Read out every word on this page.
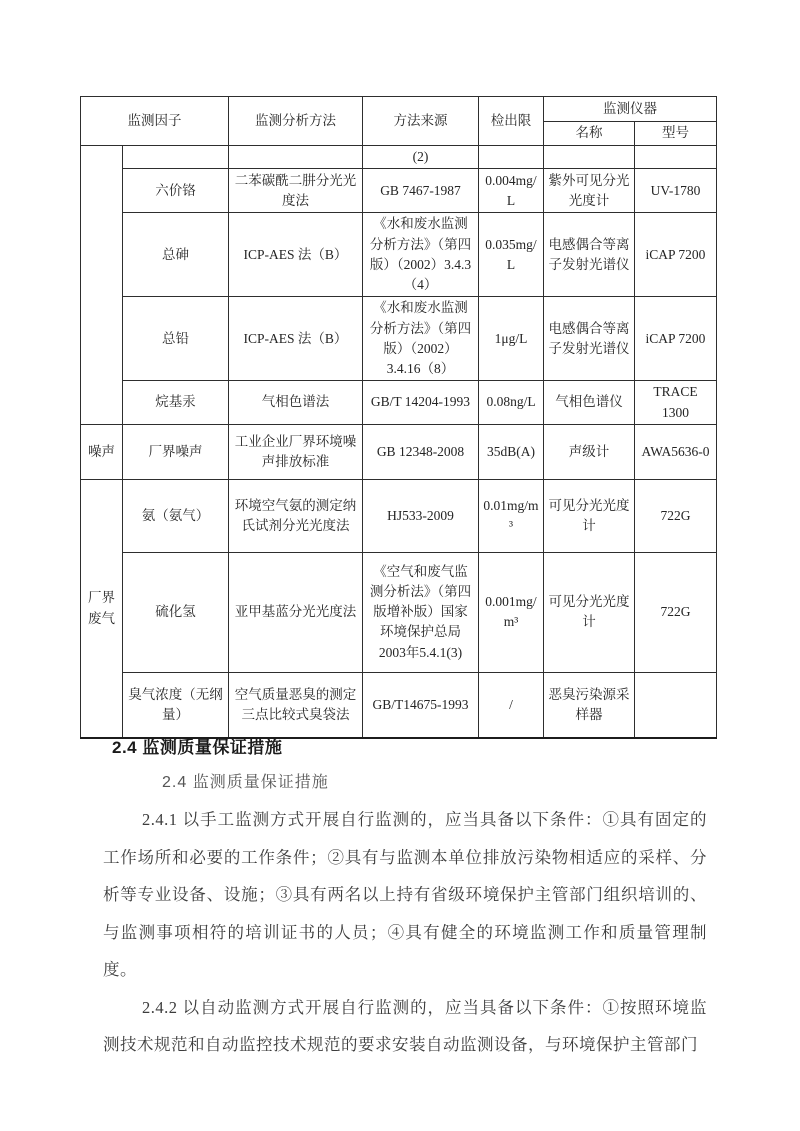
监测因子		监测分析方法	方法来源	检出限	监测仪器	
					名称	型号
			(2)			
	六价铬	二苯碳酰二肼分光光度法	GB 7467-1987	0.004mg/L	紫外可见分光光度计	UV-1780
	总砷	ICP-AES 法（B）	《水和废水监测分析方法》（第四版）（2002）3.4.3（4）	0.035mg/L	电感偶合等离子发射光谱仪	iCAP 7200
	总铅	ICP-AES 法（B）	《水和废水监测分析方法》（第四版）（2002） 3.4.16（8）	1μg/L	电感偶合等离子发射光谱仪	iCAP 7200
	烷基汞	气相色谱法	GB/T 14204-1993	0.08ng/L	气相色谱仪	TRACE 1300
噪声	厂界噪声	工业企业厂界环境噪声排放标准	GB 12348-2008	35dB(A)	声级计	AWA5636-0
厂界废气	氨（氨气）	环境空气氨的测定纳氏试剂分光光度法	HJ533-2009	0.01mg/m³	可见分光光度计	722G
	硫化氢	亚甲基蓝分光光度法	《空气和废气监测分析法》（第四版增补版）国家环境保护总局 2003年5.4.1(3)	0.001mg/m³	可见分光光度计	722G
	臭气浓度（无纲量）	空气质量恶臭的测定三点比较式臭袋法	GB/T14675-1993	/	恶臭污染源采样器	
2.4 监测质量保证措施

2.4 监测质量保证措施

2.4.1 以手工监测方式开展自行监测的，应当具备以下条件：①具有固定的工作场所和必要的工作条件；②具有与监测本单位排放污染物相适应的采样、分析等专业设备、设施；③具有两名以上持有省级环境保护主管部门组织培训的、与监测事项相符的培训证书的人员；④具有健全的环境监测工作和质量管理制度。

2.4.2 以自动监测方式开展自行监测的，应当具备以下条件：①按照环境监测技术规范和自动监控技术规范的要求安装自动监测设备，与环境保护主管部门
